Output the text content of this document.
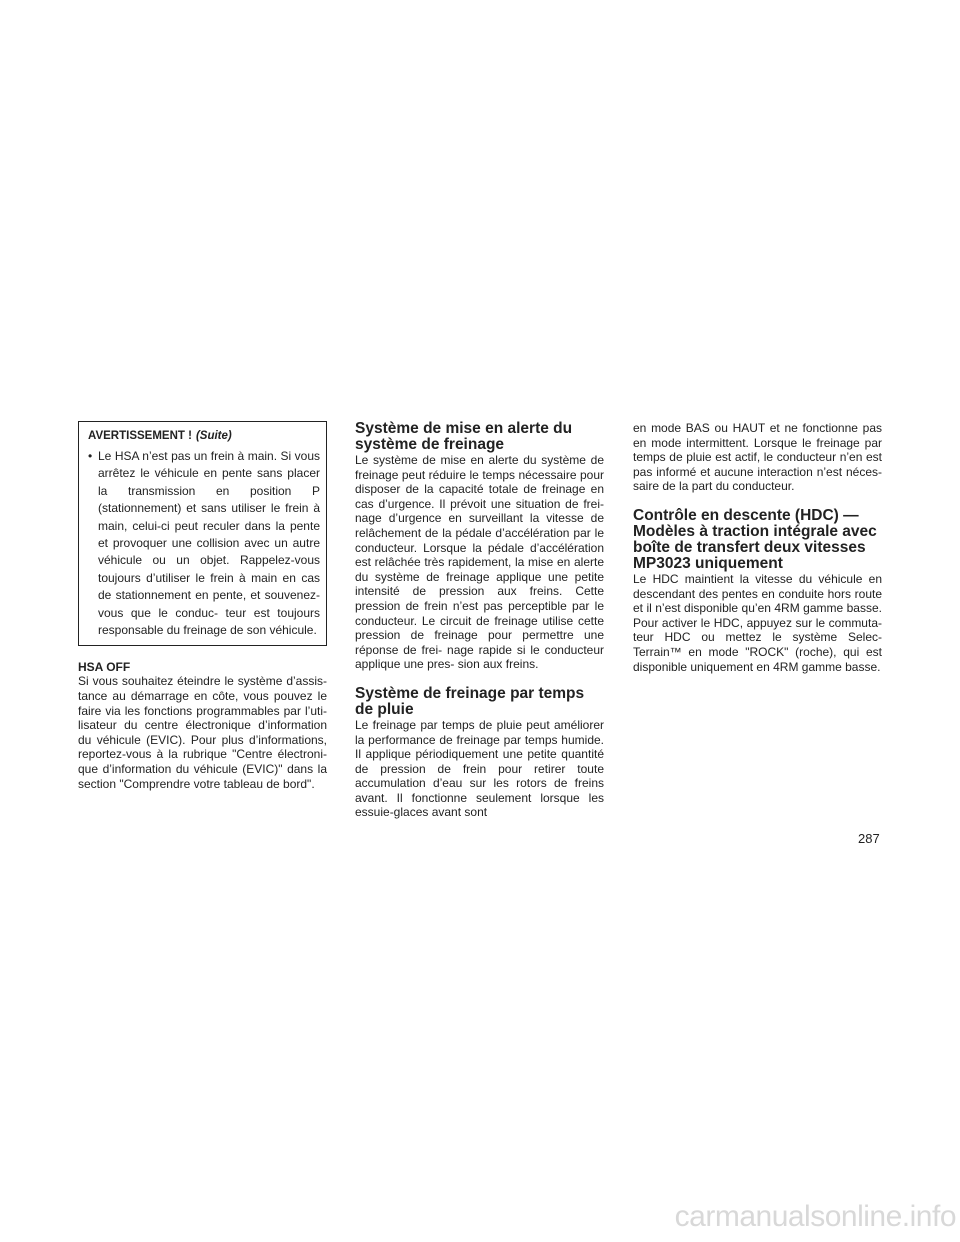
AVERTISSEMENT ! (Suite)
• Le HSA n’est pas un frein à main. Si vous arrêtez le véhicule en pente sans placer la transmission en position P (stationnement) et sans utiliser le frein à main, celui-ci peut reculer dans la pente et provoquer une collision avec un autre véhicule ou un objet. Rappelez-vous toujours d’utiliser le frein à main en cas de stationnement en pente, et souvenez-vous que le conduc- teur est toujours responsable du freinage de son véhicule.
HSA OFF

Si vous souhaitez éteindre le système d’assis- tance au démarrage en côte, vous pouvez le faire via les fonctions programmables par l’uti- lisateur du centre électronique d’information du véhicule (EVIC). Pour plus d’informations, reportez-vous à la rubrique "Centre électroni- que d’information du véhicule (EVIC)" dans la section "Comprendre votre tableau de bord".

Système de mise en alerte du système de freinage

Le système de mise en alerte du système de freinage peut réduire le temps nécessaire pour disposer de la capacité totale de freinage en cas d’urgence. Il prévoit une situation de frei- nage d’urgence en surveillant la vitesse de relâchement de la pédale d’accélération par le conducteur. Lorsque la pédale d’accélération est relâchée très rapidement, la mise en alerte du système de freinage applique une petite intensité de pression aux freins. Cette pression de frein n’est pas perceptible par le conducteur. Le circuit de freinage utilise cette pression de freinage pour permettre une réponse de frei- nage rapide si le conducteur applique une pres- sion aux freins.

Système de freinage par temps de pluie

Le freinage par temps de pluie peut améliorer la performance de freinage par temps humide. Il applique périodiquement une petite quantité de pression de frein pour retirer toute accumulation d’eau sur les rotors de freins avant. Il fonctionne seulement lorsque les essuie-glaces avant sont

en mode BAS ou HAUT et ne fonctionne pas en mode intermittent. Lorsque le freinage par temps de pluie est actif, le conducteur n’en est pas informé et aucune interaction n’est néces- saire de la part du conducteur.

Contrôle en descente (HDC) — Modèles à traction intégrale avec boîte de transfert deux vitesses MP3023 uniquement

Le HDC maintient la vitesse du véhicule en descendant des pentes en conduite hors route et il n’est disponible qu’en 4RM gamme basse. Pour activer le HDC, appuyez sur le commuta- teur HDC ou mettez le système Selec-Terrain™ en mode "ROCK" (roche), qui est disponible uniquement en 4RM gamme basse.

287
carmanualsonline.info
